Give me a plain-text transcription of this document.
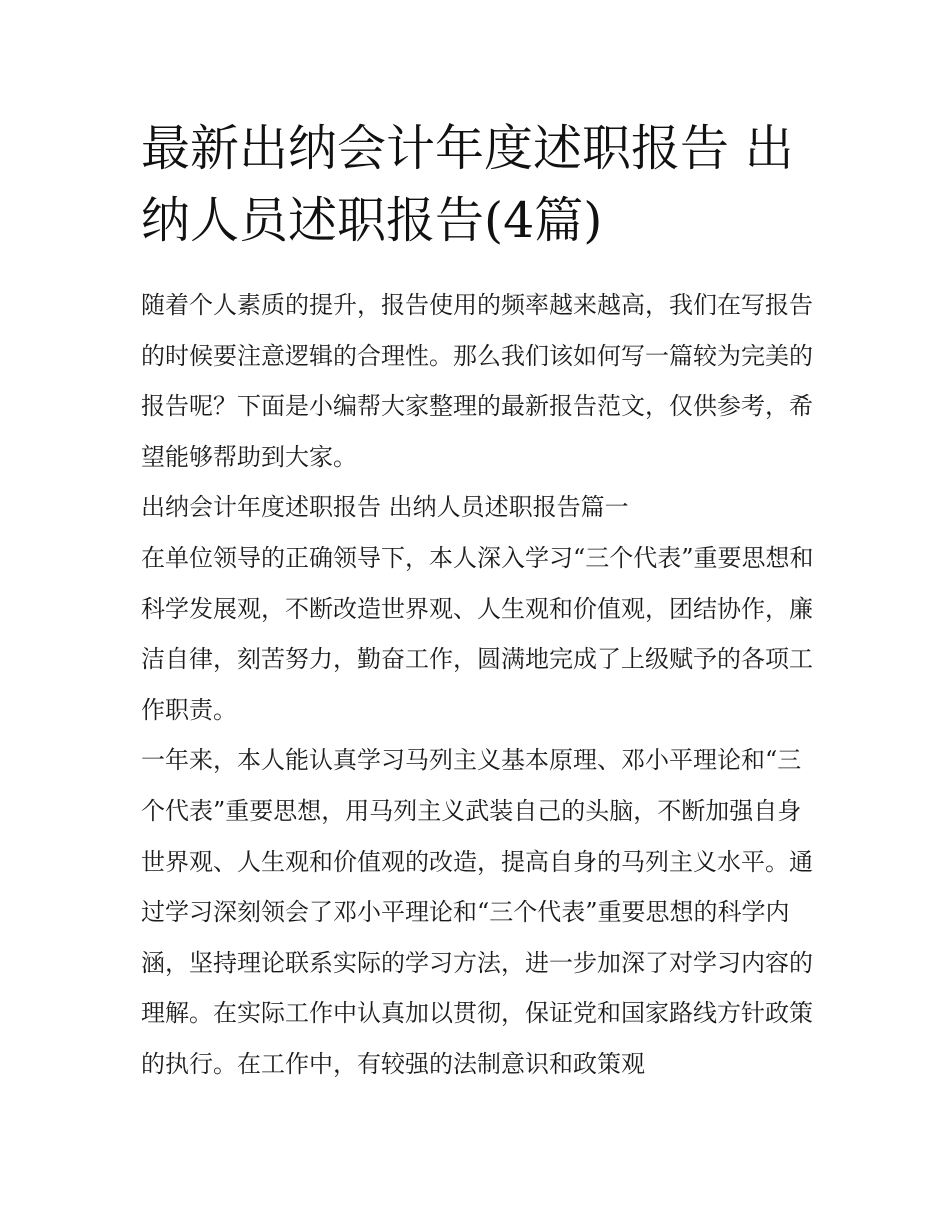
最新出纳会计年度述职报告 出纳人员述职报告(4篇)

随着个人素质的提升，报告使用的频率越来越高，我们在写报告的时候要注意逻辑的合理性。那么我们该如何写一篇较为完美的报告呢？下面是小编帮大家整理的最新报告范文，仅供参考，希望能够帮助到大家。

出纳会计年度述职报告 出纳人员述职报告篇一

在单位领导的正确领导下，本人深入学习“三个代表”重要思想和科学发展观，不断改造世界观、人生观和价值观，团结协作，廉洁自律，刻苦努力，勤奋工作，圆满地完成了上级赋予的各项工作职责。

一年来，本人能认真学习马列主义基本原理、邓小平理论和“三个代表”重要思想，用马列主义武装自己的头脑，不断加强自身世界观、人生观和价值观的改造，提高自身的马列主义水平。通过学习深刻领会了邓小平理论和“三个代表”重要思想的科学内涵，坚持理论联系实际的学习方法，进一步加深了对学习内容的理解。在实际工作中认真加以贯彻，保证党和国家路线方针政策的执行。在工作中，有较强的法制意识和政策观
